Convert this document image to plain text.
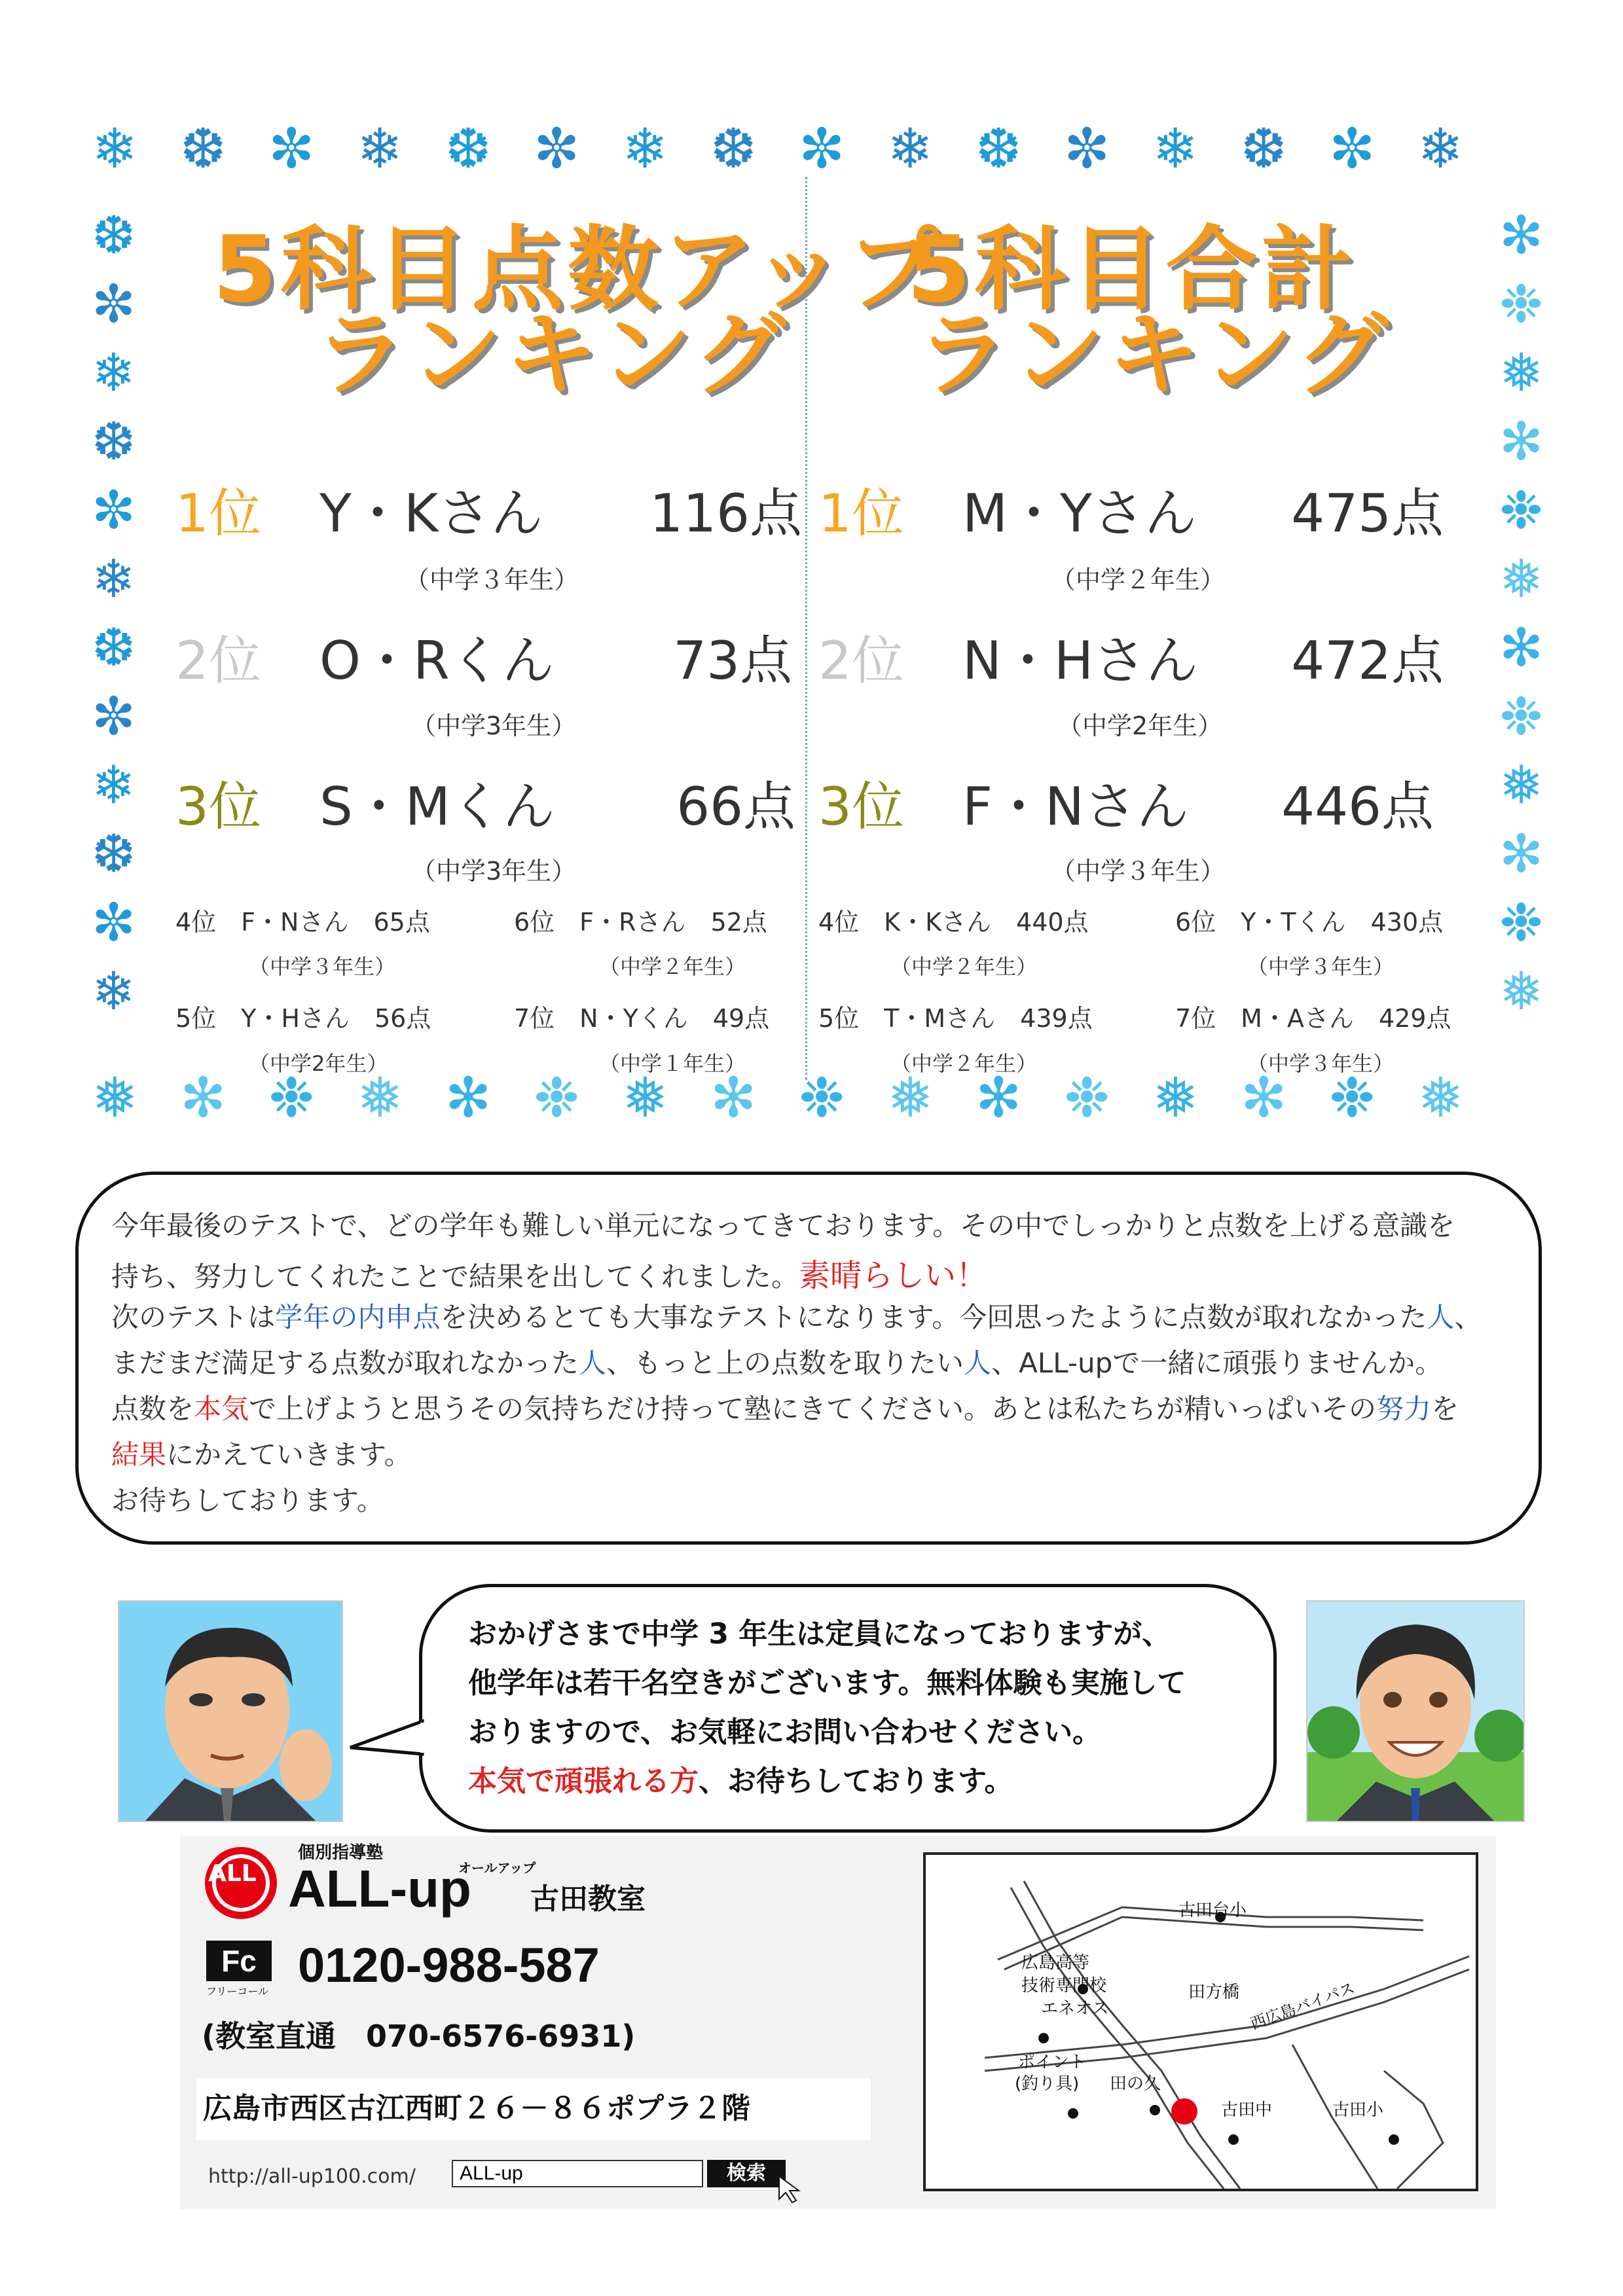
❄
❅
❆
✻
✼
❉
❄
❅
❆
✻
✼
❉
❄
❅
❆
✻
✼
❉
❄
❅
❆
✻
✼
❉
❄
❅
❆
✻
✼
❉
❄
❅
❆	✻
✼	❉
❄	❅
❆	✻
✼	❉
❄	❅
❆	✻
✼	❉
❄	❅
❆	✻
✼	❉
❄	❅
5科目点数アップ
ランキング
5科目合計
ランキング
1位 Y・Kさん	116点
（中学３年生）
2位 O・Rくん	73点
（中学3年生）
3位 S・Mくん	66点
（中学3年生）
4位　F・Nさん　65点
（中学３年生）
6位　F・Rさん　52点
（中学２年生）
5位　Y・Hさん　56点
（中学2年生）
7位　N・Yくん　49点
（中学１年生）
1位 M・Yさん	475点
（中学２年生）
2位 N・Hさん	472点
（中学2年生）
3位 F・Nさん	446点
（中学３年生）
4位　K・Kさん　440点
（中学２年生）
6位　Y・Tくん　430点
（中学３年生）
5位　T・Mさん　439点
（中学２年生）
7位　M・Aさん　429点
（中学３年生）
今年最後のテストで、どの学年も難しい単元になってきております。その中でしっかりと点数を上げる意識を
持ち、努力してくれたことで結果を出してくれました。素晴らしい！
次のテストは学年の内申点を決めるとても大事なテストになります。今回思ったように点数が取れなかった人、
まだまだ満足する点数が取れなかった人、もっと上の点数を取りたい人、ALL-upで一緒に頑張りませんか。
点数を本気で上げようと思うその気持ちだけ持って塾にきてください。あとは私たちが精いっぱいその努力を
結果にかえていきます。
お待ちしております。
おかげさまで中学 3 年生は定員になっておりますが、
他学年は若干名空きがございます。無料体験も実施して
おりますので、お気軽にお問い合わせください。
本気で頑張れる方、お待ちしております。
ALL
個別指導塾
ALL-up
オールアップ
古田教室
Fc
フリーコール 0120-988-587
(教室直通　070-6576-6931)
広島市西区古江西町２６－８６ポプラ２階
http://all-up100.com/
ALL-up	検索
古田台小
広島高等
技術専門校
エネオス
田方橋 西広島バイパス
ポイント
(釣り具) 田の久
古田中	古田小
